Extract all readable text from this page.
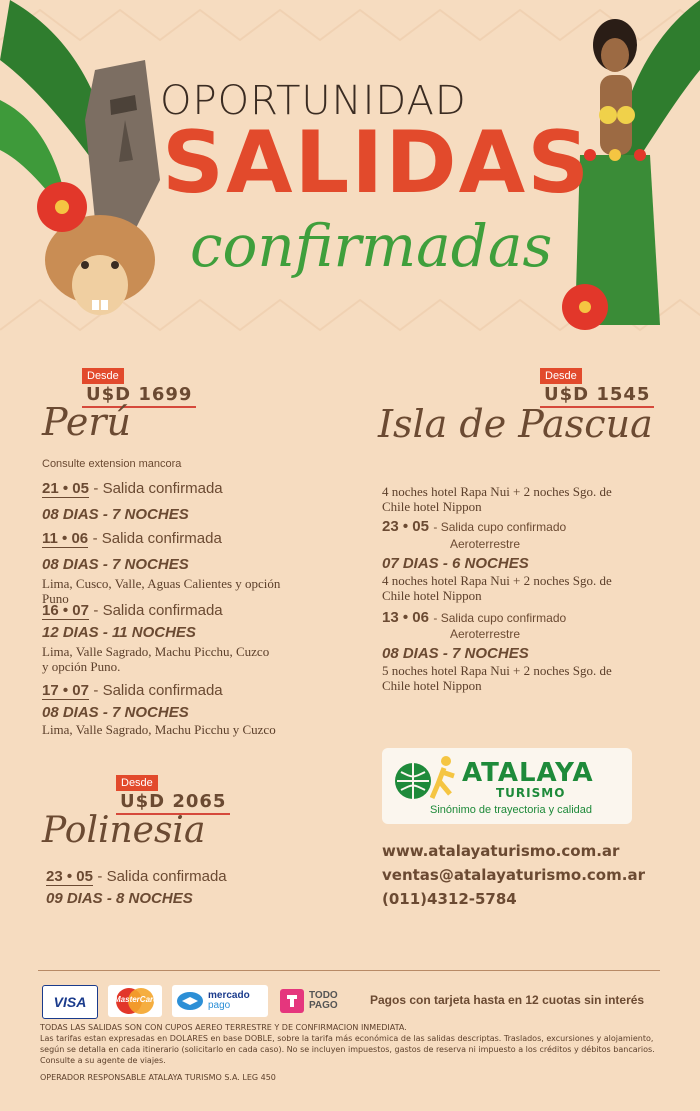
OPORTUNIDAD
SALIDAS
confirmadas
Desde
U$D 1699
Perú
Consulte extension mancora
21 • 05 - Salida confirmada
08 DIAS - 7 NOCHES
11 • 06 - Salida confirmada
08 DIAS - 7 NOCHES
Lima, Cusco, Valle, Aguas Calientes y opción Puno
16 • 07 - Salida confirmada
12 DIAS - 11 NOCHES
Lima, Valle Sagrado, Machu Picchu, Cuzco y opción Puno.
17 • 07 - Salida confirmada
08 DIAS - 7 NOCHES
Lima, Valle Sagrado, Machu Picchu y Cuzco
Desde
U$D 1545
Isla de Pascua
4 noches hotel Rapa Nui + 2 noches Sgo. de Chile hotel Nippon
23 • 05 - Salida cupo confirmado
Aeroterrestre
07 DIAS - 6 NOCHES
4 noches hotel Rapa Nui + 2 noches Sgo. de Chile hotel Nippon
13 • 06 - Salida cupo confirmado
Aeroterrestre
08 DIAS - 7 NOCHES
5 noches hotel Rapa Nui + 2 noches Sgo. de Chile hotel Nippon
Desde
U$D 2065
Polinesia
23 • 05 - Salida confirmada
09 DIAS - 8 NOCHES
ATALAYA
TURISMO
Sinónimo de trayectoria y calidad
www.atalayaturismo.com.ar
ventas@atalayaturismo.com.ar
(011)4312-5784
VISA	MasterCard	mercado
pago
TODO
PAGO	Pagos con tarjeta hasta en 12 cuotas sin interés
TODAS LAS SALIDAS SON CON CUPOS AEREO TERRESTRE Y DE CONFIRMACION INMEDIATA.
Las tarifas estan expresadas en DOLARES en base DOBLE, sobre la tarifa más económica de las salidas descriptas. Traslados, excursiones y alojamiento, según se detalla en cada itinerario (solicitarlo en cada caso). No se incluyen impuestos, gastos de reserva ni impuesto a los créditos y débitos bancarios. Consulte a su agente de viajes.
OPERADOR RESPONSABLE ATALAYA TURISMO S.A. LEG 450
